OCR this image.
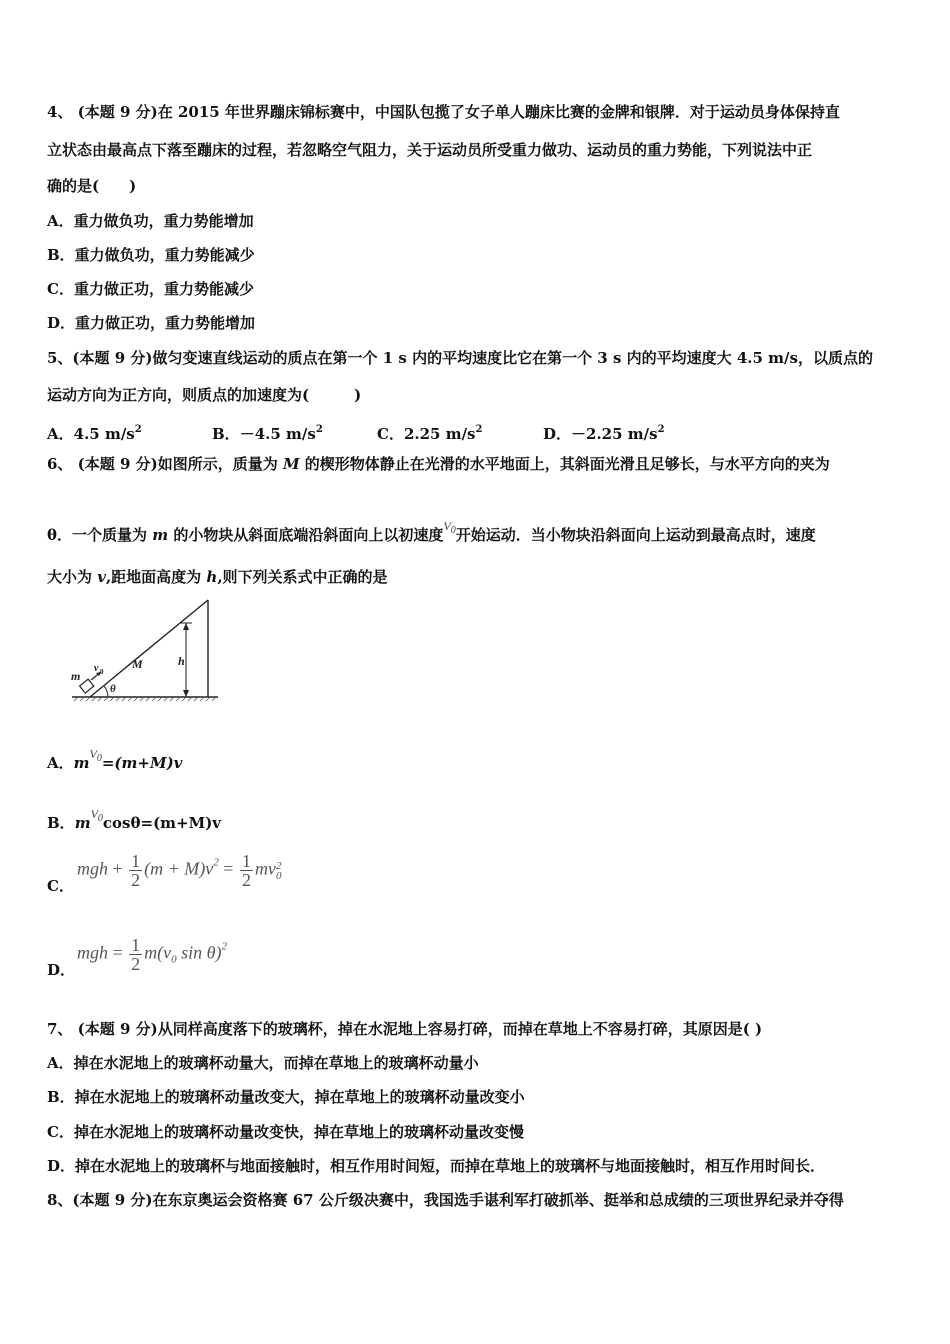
4、 (本题 9 分)在 2015 年世界蹦床锦标赛中，中国队包揽了女子单人蹦床比赛的金牌和银牌．对于运动员身体保持直
立状态由最高点下落至蹦床的过程，若忽略空气阻力，关于运动员所受重力做功、运动员的重力势能，下列说法中正
确的是(　　)
A．重力做负功，重力势能增加
B．重力做负功，重力势能减少
C．重力做正功，重力势能减少
D．重力做正功，重力势能增加
5、(本题 9 分)做匀变速直线运动的质点在第一个 1 s 内的平均速度比它在第一个 3 s 内的平均速度大 4.5 m/s，以质点的
运动方向为正方向，则质点的加速度为(　　　)
A．4.5 $m/s^2$	B．－4.5 $m/s^2$	C．2.25 $m/s^2$	D．－2.25 $m/s^2$
6、 (本题 9 分)如图所示，质量为 M 的楔形物体静止在光滑的水平地面上，其斜面光滑且足够长，与水平方向的夹为
θ．一个质量为 m 的小物块从斜面底端沿斜面向上以初速度$^{V_0}$开始运动．当小物块沿斜面向上运动到最高点时，速度
大小为 v,距地面高度为 h,则下列关系式中正确的是
m
v 0
M	h
θ
A．$m^{V_0}=(m+M)v$
B．$m^{V_0}\cos\theta=(m+M)v$
C．
mgh + $\frac{1}{2} (m + M)v^2 = \frac{1}{2}$ mv 2
0
D．
mgh = $\frac{1}{2} m(v_0$ sin θ)$^2$
7、 (本题 9 分)从同样高度落下的玻璃杯，掉在水泥地上容易打碎，而掉在草地上不容易打碎，其原因是( )
A．掉在水泥地上的玻璃杯动量大，而掉在草地上的玻璃杯动量小
B．掉在水泥地上的玻璃杯动量改变大，掉在草地上的玻璃杯动量改变小
C．掉在水泥地上的玻璃杯动量改变快，掉在草地上的玻璃杯动量改变慢
D．掉在水泥地上的玻璃杯与地面接触时，相互作用时间短，而掉在草地上的玻璃杯与地面接触时，相互作用时间长．
8、(本题 9 分)在东京奥运会资格赛 67 公斤级决赛中，我国选手谌利军打破抓举、挺举和总成绩的三项世界纪录并夺得
